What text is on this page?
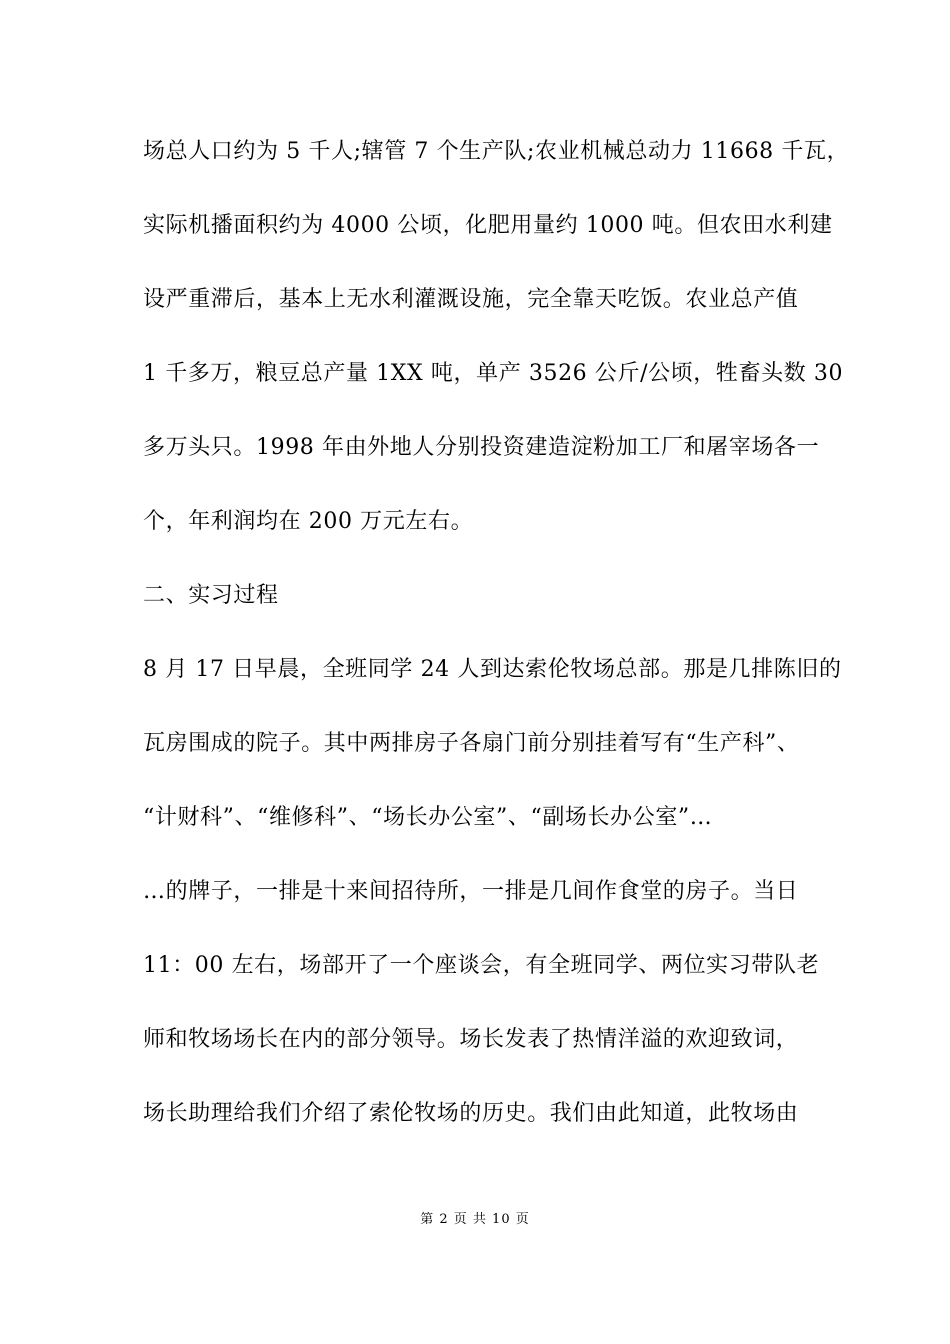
场总人口约为 5 千人;辖管 7 个生产队;农业机械总动力 11668 千瓦，
实际机播面积约为 4000 公顷，化肥用量约 1000 吨。但农田水利建
设严重滞后，基本上无水利灌溉设施，完全靠天吃饭。农业总产值
1 千多万，粮豆总产量 1XX 吨，单产 3526 公斤/公顷，牲畜头数 30
多万头只。1998 年由外地人分别投资建造淀粉加工厂和屠宰场各一
个，年利润均在 200 万元左右。
二、实习过程
8 月 17 日早晨，全班同学 24 人到达索伦牧场总部。那是几排陈旧的
瓦房围成的院子。其中两排房子各扇门前分别挂着写有“生产科”、
“计财科”、“维修科”、“场长办公室”、“副场长办公室”…
…的牌子，一排是十来间招待所，一排是几间作食堂的房子。当日
11：00 左右，场部开了一个座谈会，有全班同学、两位实习带队老
师和牧场场长在内的部分领导。场长发表了热情洋溢的欢迎致词，
场长助理给我们介绍了索伦牧场的历史。我们由此知道，此牧场由
第 2 页 共 10 页
